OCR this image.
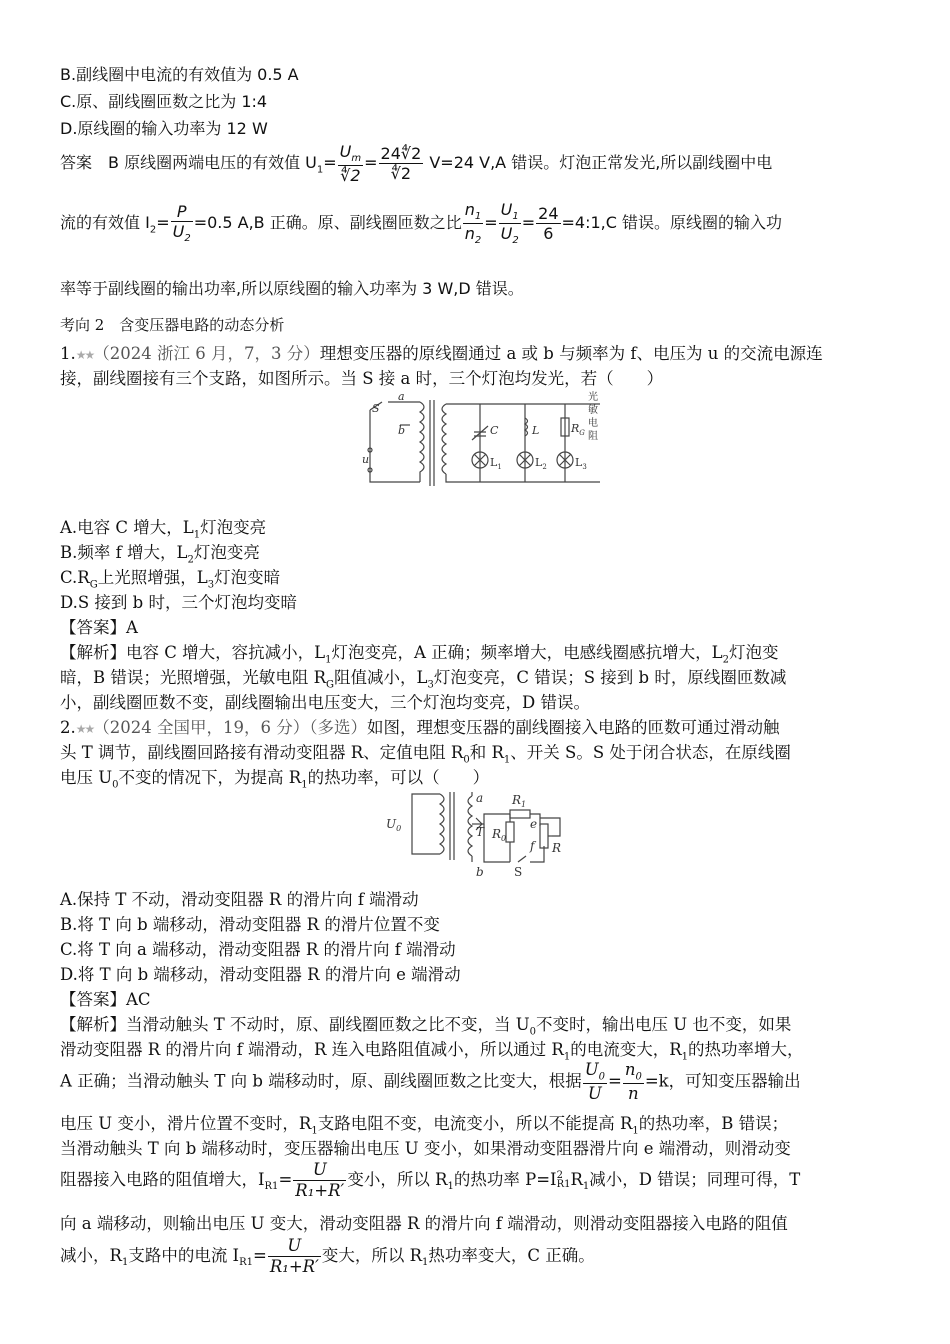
B.副线圈中电流的有效值为 0.5 A
C.原、副线圈匝数之比为 1:4
D.原线圈的输入功率为 12 W
答案　B 原线圈两端电压的有效值 $U_1= \frac{U_m}{∜2} = \frac{24∜2}{∜2} V=24$ V,A 错误。灯泡正常发光,所以副线圈中电
流的有效值 $I_2= \frac{P}{U_2} =0.5$ A,B 正确。原、副线圈匝数之比 $\frac{n_1}{n_2} = \frac{U_1}{U_2} = \frac{24}{6}$ =4:1,C 错误。原线圈的输入功
率等于副线圈的输出功率,所以原线圈的输入功率为 3 W,D 错误。
考向 2　含变压器电路的动态分析
1.★★（2024 浙江 6 月，7，3 分）理想变压器的原线圈通过 a 或 b 与频率为 f、电压为 u 的交流电源连
接，副线圈接有三个支路，如图所示。当 S 接 a 时，三个灯泡均发光，若（　　）
S
a
b
u
C	L	$R_G$
$L_1$	$L_2$	$L_3$
光
敏
电
阻
A.电容 C 增大，$L_1$灯泡变亮
B.频率 f 增大，$L_2$灯泡变亮
$C.R_G$上光照增强，$L_3$灯泡变暗
D.S 接到 b 时，三个灯泡均变暗
【答案】A
【解析】电容 C 增大，容抗减小，$L_1$灯泡变亮，A 正确；频率增大，电感线圈感抗增大，$L_2$灯泡变
暗，B 错误；光照增强，光敏电阻 $R_G$阻值减小，$L_3$灯泡变亮，C 错误；S 接到 b 时，原线圈匝数减
小，副线圈匝数不变，副线圈输出电压变大，三个灯泡均变亮，D 错误。
2.★★（2024 全国甲，19，6 分）（多选）如图，理想变压器的副线圈接入电路的匝数可通过滑动触
头 T 调节，副线圈回路接有滑动变阻器 R、定值电阻 $R_0$和 $R_1$、开关 S。S 处于闭合状态，在原线圈
电压 $U_0$不变的情况下，为提高 $R_1$的热功率，可以（　　）
$U_0$
a
b
T
$R_1$
$R_0$
e
f R
S
A.保持 T 不动，滑动变阻器 R 的滑片向 f 端滑动
B.将 T 向 b 端移动，滑动变阻器 R 的滑片位置不变
C.将 T 向 a 端移动，滑动变阻器 R 的滑片向 f 端滑动
D.将 T 向 b 端移动，滑动变阻器 R 的滑片向 e 端滑动
【答案】AC
【解析】当滑动触头 T 不动时，原、副线圈匝数之比不变，当 $U_0$不变时，输出电压 U 也不变，如果
滑动变阻器 R 的滑片向 f 端滑动，R 连入电路阻值减小，所以通过 $R_1$的电流变大，$R_1$的热功率增大，
A 正确；当滑动触头 T 向 b 端移动时，原、副线圈匝数之比变大，根据 $\frac{U_0}{U} = \frac{n_0}{n} =k$，可知变压器输出
电压 U 变小，滑片位置不变时，$R_1$支路电阻不变，电流变小，所以不能提高 $R_1$的热功率，B 错误；
当滑动触头 T 向 b 端移动时，变压器输出电压 U 变小，如果滑动变阻器滑片向 e 端滑动，则滑动变
阻器接入电路的阻值增大，$I_{R1}= \frac{U}{\text{R₁+R′}}$ 变小，所以 $R_1$的热功率 P=I 2
R1 $R_1$减小，D 错误；同理可得，T
向 a 端移动，则输出电压 U 变大，滑动变阻器 R 的滑片向 f 端滑动，则滑动变阻器接入电路的阻值
减小，$R_1$支路中的电流 $I_{R1}= \frac{U}{\text{R₁+R′}}$ 变大，所以 $R_1$热功率变大，C 正确。
